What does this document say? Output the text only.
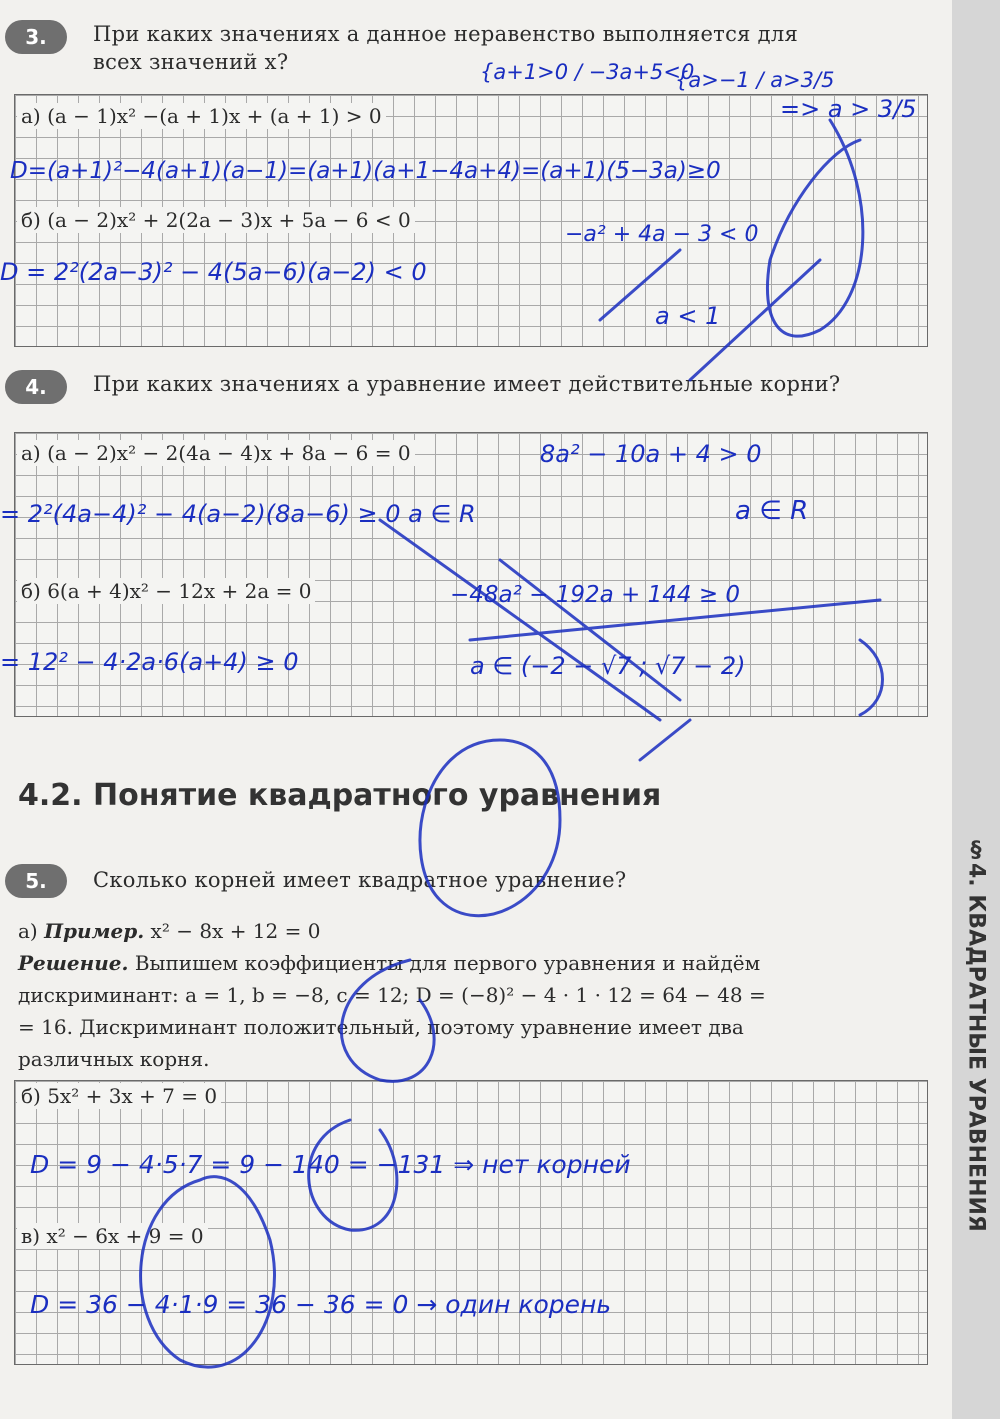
§4. КВАДРАТНЫЕ УРАВНЕНИЯ
3.	При каких значениях a данное неравенство выполняется для
всех значений x?
а) (a − 1)x² −(a + 1)x + (a + 1) > 0
б) (a − 2)x² + 2(2a − 3)x + 5a − 6 < 0
{a+1>0 / −3a+5<0
{a>−1 / a>3/5
=> a > 3/5
D=(a+1)²−4(a+1)(a−1)=(a+1)(a+1−4a+4)=(a+1)(5−3a)≥0
D = 2²(2a−3)² − 4(5a−6)(a−2) < 0
−a² + 4a − 3 < 0
a < 1
4.	При каких значениях a уравнение имеет действительные корни?
а) (a − 2)x² − 2(4a − 4)x + 8a − 6 = 0
б) 6(a + 4)x² − 12x + 2a = 0
8a² − 10a + 4 > 0
= 2²(4a−4)² − 4(a−2)(8a−6) ≥ 0 a ∈ R	a ∈ R
= 12² − 4·2a·6(a+4) ≥ 0
−48a² − 192a + 144 ≥ 0
a ∈ (−2 − √7 ; √7 − 2)
4.2. Понятие квадратного уравнения
5.	Сколько корней имеет квадратное уравнение?
а) Пример. x² − 8x + 12 = 0
Решение. Выпишем коэффициенты для первого уравнения и найдём
дискриминант: a = 1, b = −8, c = 12; D = (−8)² − 4 · 1 · 12 = 64 − 48 =
= 16. Дискриминант положительный, поэтому уравнение имеет два
различных корня.
б) 5x² + 3x + 7 = 0
в) x² − 6x + 9 = 0
D = 9 − 4·5·7 = 9 − 140 = −131 ⇒ нет корней
D = 36 − 4·1·9 = 36 − 36 = 0 → один корень
